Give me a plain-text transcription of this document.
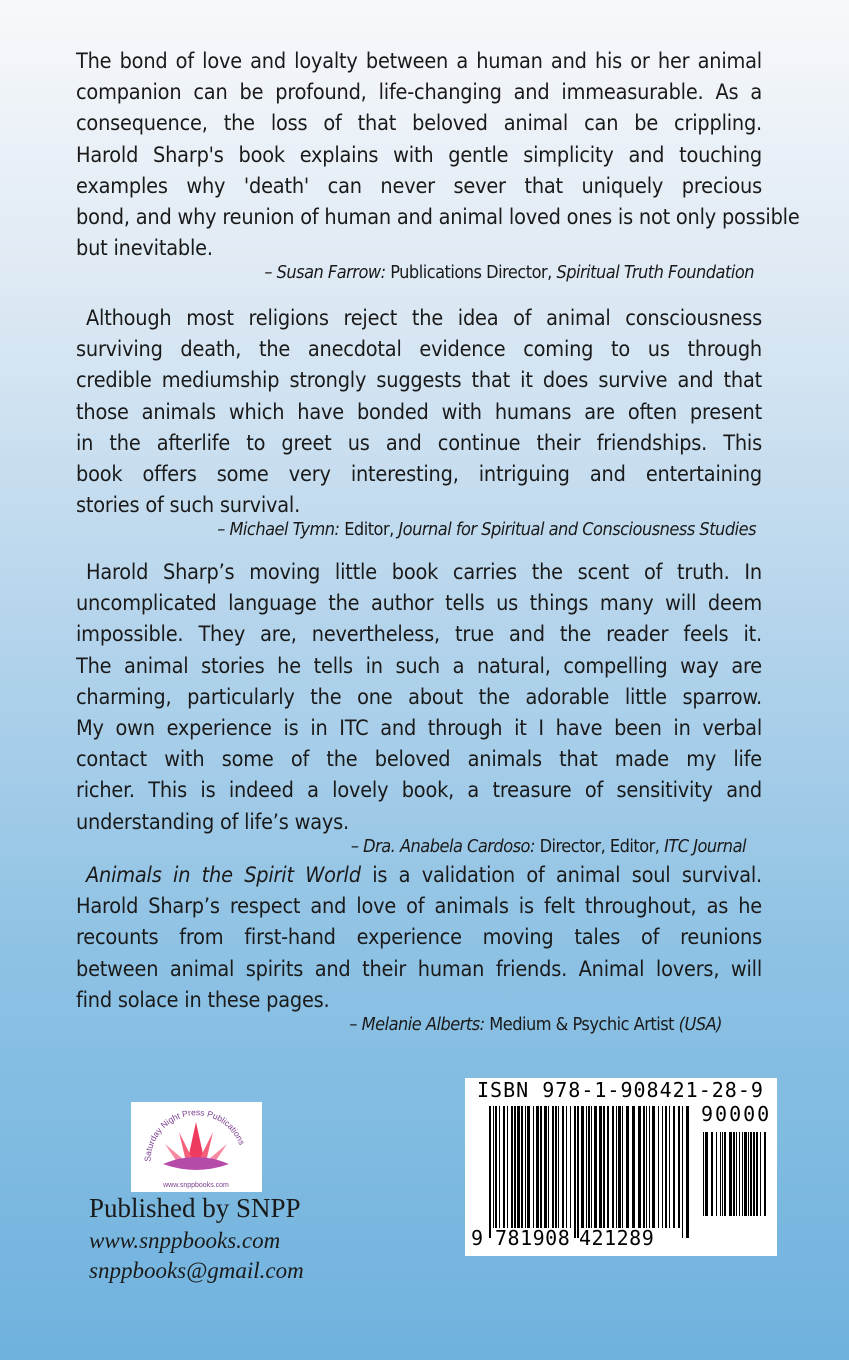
The bond of love and loyalty between a human and his or her animal
companion can be profound, life-changing and immeasurable. As a
consequence, the loss of that beloved animal can be crippling.
Harold Sharp's book explains with gentle simplicity and touching
examples why 'death' can never sever that uniquely precious
bond, and why reunion of human and animal loved ones is not only possible
but inevitable.
– Susan Farrow: Publications Director, Spiritual Truth Foundation
Although most religions reject the idea of animal consciousness
surviving death, the anecdotal evidence coming to us through
credible mediumship strongly suggests that it does survive and that
those animals which have bonded with humans are often present
in the afterlife to greet us and continue their friendships. This
book offers some very interesting, intriguing and entertaining
stories of such survival.
– Michael Tymn: Editor, Journal for Spiritual and Consciousness Studies
Harold Sharp’s moving little book carries the scent of truth. In
uncomplicated language the author tells us things many will deem
impossible. They are, nevertheless, true and the reader feels it.
The animal stories he tells in such a natural, compelling way are
charming, particularly the one about the adorable little sparrow.
My own experience is in ITC and through it I have been in verbal
contact with some of the beloved animals that made my life
richer. This is indeed a lovely book, a treasure of sensitivity and
understanding of life’s ways.
– Dra. Anabela Cardoso: Director, Editor, ITC Journal
Animals in the Spirit World is a validation of animal soul survival.
Harold Sharp’s respect and love of animals is felt throughout, as he
recounts from first-hand experience moving tales of reunions
between animal spirits and their human friends. Animal lovers, will
find solace in these pages.
– Melanie Alberts: Medium & Psychic Artist (USA)
Saturday Night Press Publications
www.snppbooks.com
Published by SNPP
www.snppbooks.com
snppbooks@gmail.com
ISBN 978-1-908421-28-9
90000
9 781908 421289
